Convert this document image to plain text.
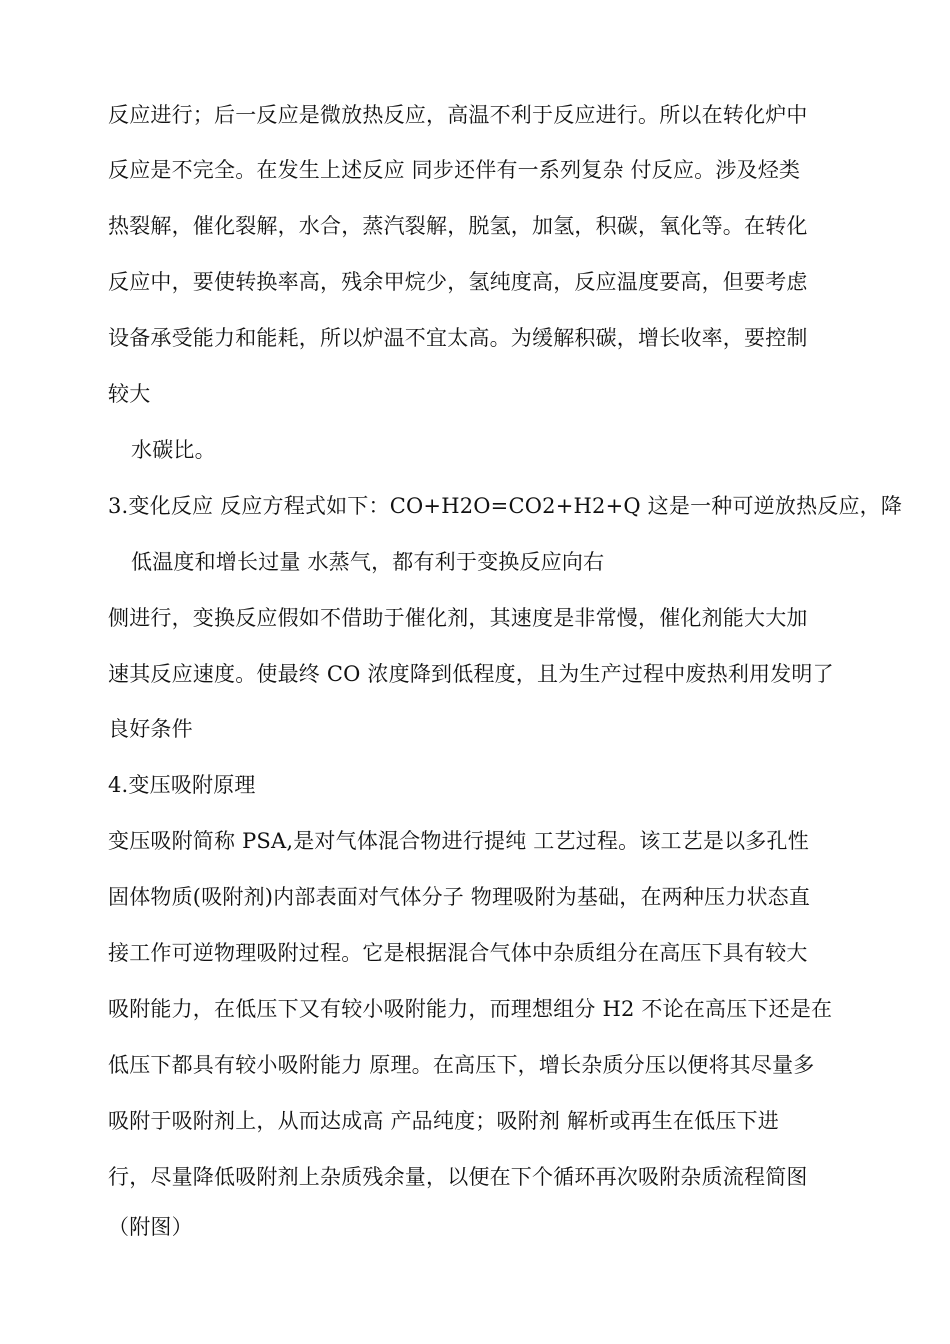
反应进行；后一反应是微放热反应，高温不利于反应进行。所以在转化炉中
反应是不完全。在发生上述反应 同步还伴有一系列复杂 付反应。涉及烃类
热裂解，催化裂解，水合，蒸汽裂解，脱氢，加氢，积碳，氧化等。在转化
反应中，要使转换率高，残余甲烷少，氢纯度高，反应温度要高，但要考虑
设备承受能力和能耗，所以炉温不宜太高。为缓解积碳，增长收率，要控制
较大
水碳比。
3.变化反应 反应方程式如下：CO+H2O=CO2+H2+Q 这是一种可逆放热反应，降
低温度和增长过量 水蒸气，都有利于变换反应向右
侧进行，变换反应假如不借助于催化剂，其速度是非常慢，催化剂能大大加
速其反应速度。使最终 CO 浓度降到低程度，且为生产过程中废热利用发明了
良好条件
4.变压吸附原理
变压吸附简称 PSA,是对气体混合物进行提纯 工艺过程。该工艺是以多孔性
固体物质(吸附剂)内部表面对气体分子 物理吸附为基础，在两种压力状态直
接工作可逆物理吸附过程。它是根据混合气体中杂质组分在高压下具有较大
吸附能力，在低压下又有较小吸附能力，而理想组分 H2 不论在高压下还是在
低压下都具有较小吸附能力 原理。在高压下，增长杂质分压以便将其尽量多
吸附于吸附剂上，从而达成高 产品纯度；吸附剂 解析或再生在低压下进
行，尽量降低吸附剂上杂质残余量，以便在下个循环再次吸附杂质流程简图
（附图）
